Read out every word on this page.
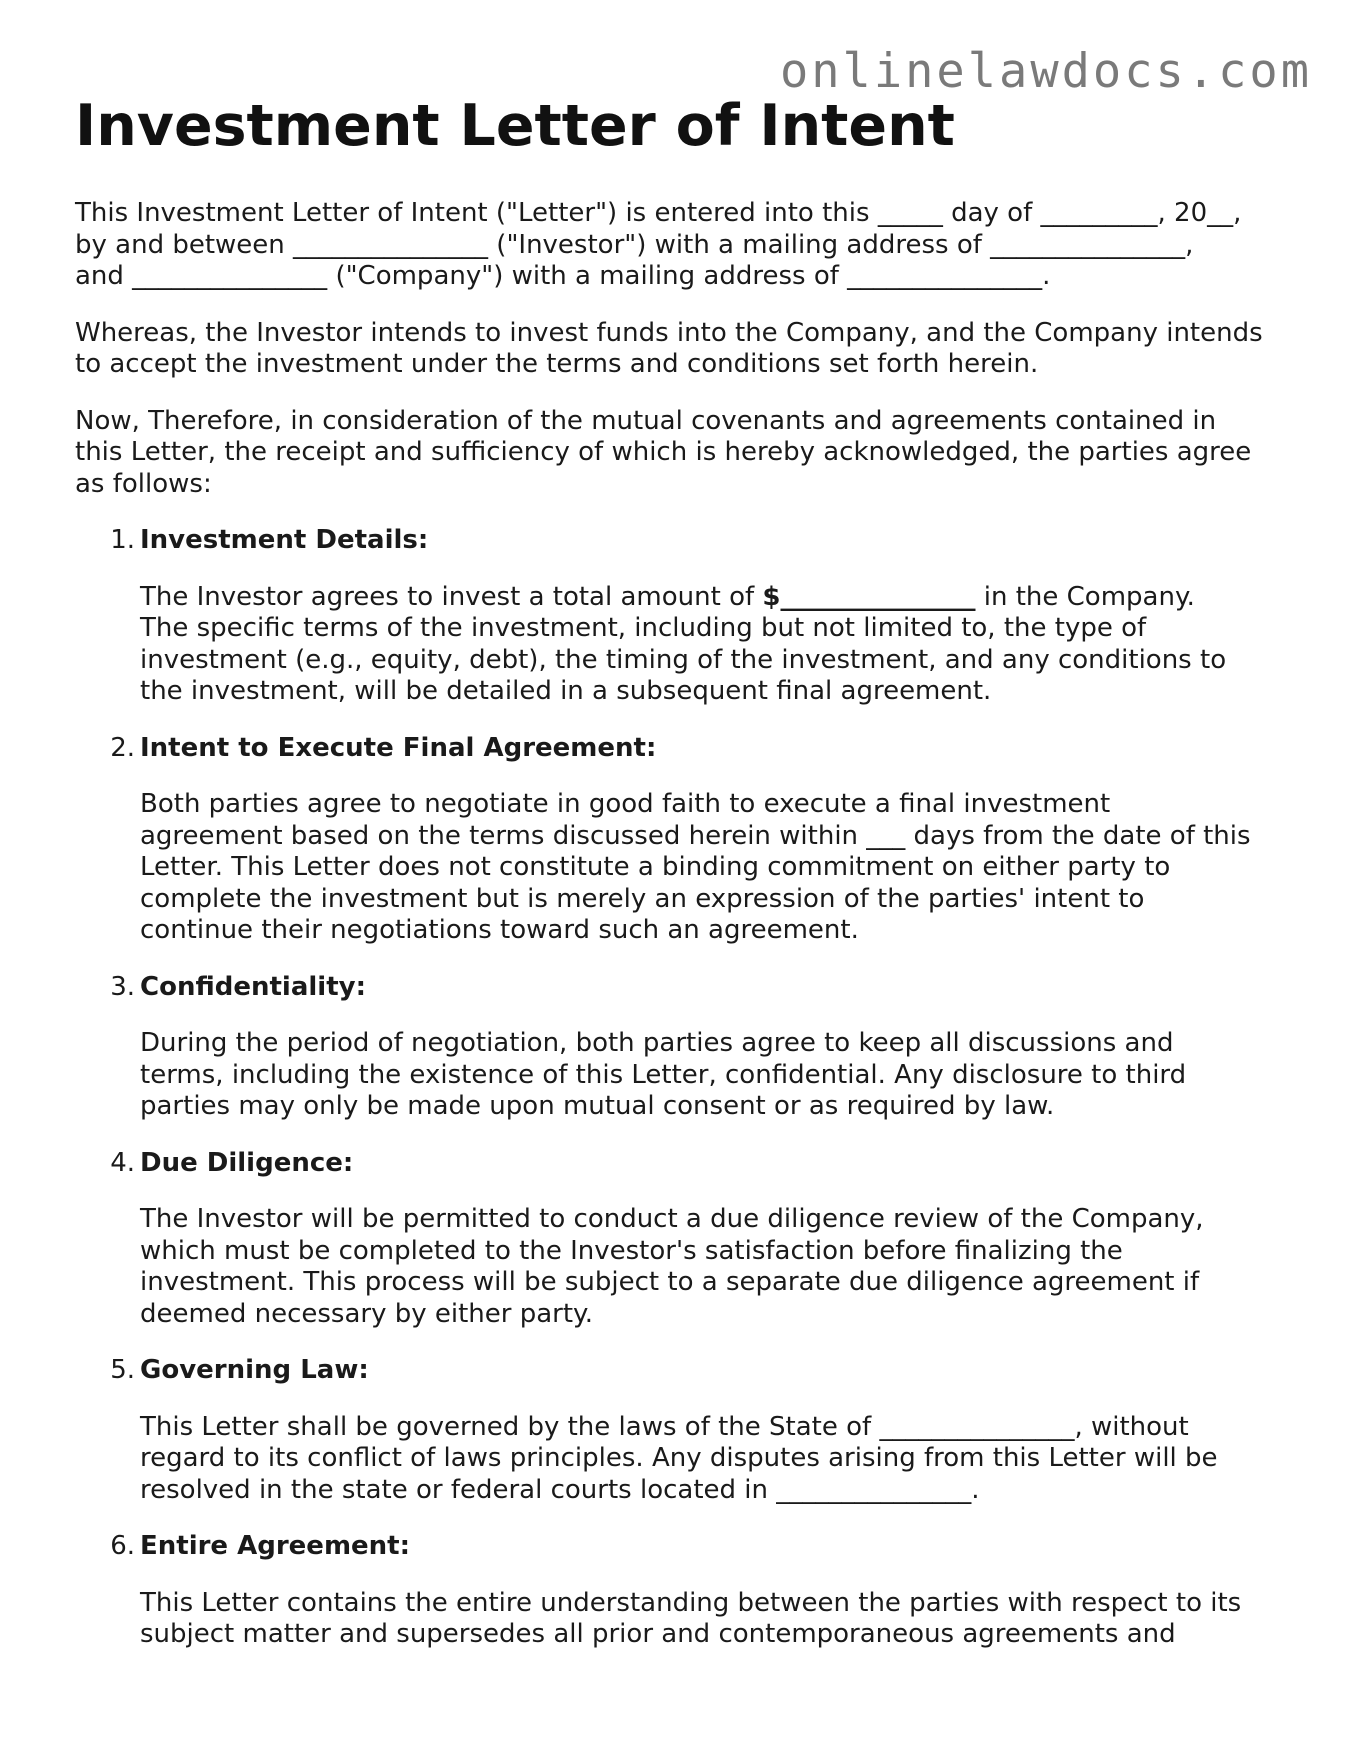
onlinelawdocs.com
Investment Letter of Intent

This Investment Letter of Intent ("Letter") is entered into this _____ day of _________, 20__,
by and between _______________ ("Investor") with a mailing address of _______________,
and _______________ ("Company") with a mailing address of _______________.

Whereas, the Investor intends to invest funds into the Company, and the Company intends
to accept the investment under the terms and conditions set forth herein.

Now, Therefore, in consideration of the mutual covenants and agreements contained in
this Letter, the receipt and sufficiency of which is hereby acknowledged, the parties agree
as follows:

1. Investment Details:

The Investor agrees to invest a total amount of $_______________ in the Company.
The specific terms of the investment, including but not limited to, the type of
investment (e.g., equity, debt), the timing of the investment, and any conditions to
the investment, will be detailed in a subsequent final agreement.

2. Intent to Execute Final Agreement:

Both parties agree to negotiate in good faith to execute a final investment
agreement based on the terms discussed herein within ___ days from the date of this
Letter. This Letter does not constitute a binding commitment on either party to
complete the investment but is merely an expression of the parties' intent to
continue their negotiations toward such an agreement.

3. Confidentiality:

During the period of negotiation, both parties agree to keep all discussions and
terms, including the existence of this Letter, confidential. Any disclosure to third
parties may only be made upon mutual consent or as required by law.

4. Due Diligence:

The Investor will be permitted to conduct a due diligence review of the Company,
which must be completed to the Investor's satisfaction before finalizing the
investment. This process will be subject to a separate due diligence agreement if
deemed necessary by either party.

5. Governing Law:

This Letter shall be governed by the laws of the State of _______________, without
regard to its conflict of laws principles. Any disputes arising from this Letter will be
resolved in the state or federal courts located in _______________.

6. Entire Agreement:

This Letter contains the entire understanding between the parties with respect to its
subject matter and supersedes all prior and contemporaneous agreements and
